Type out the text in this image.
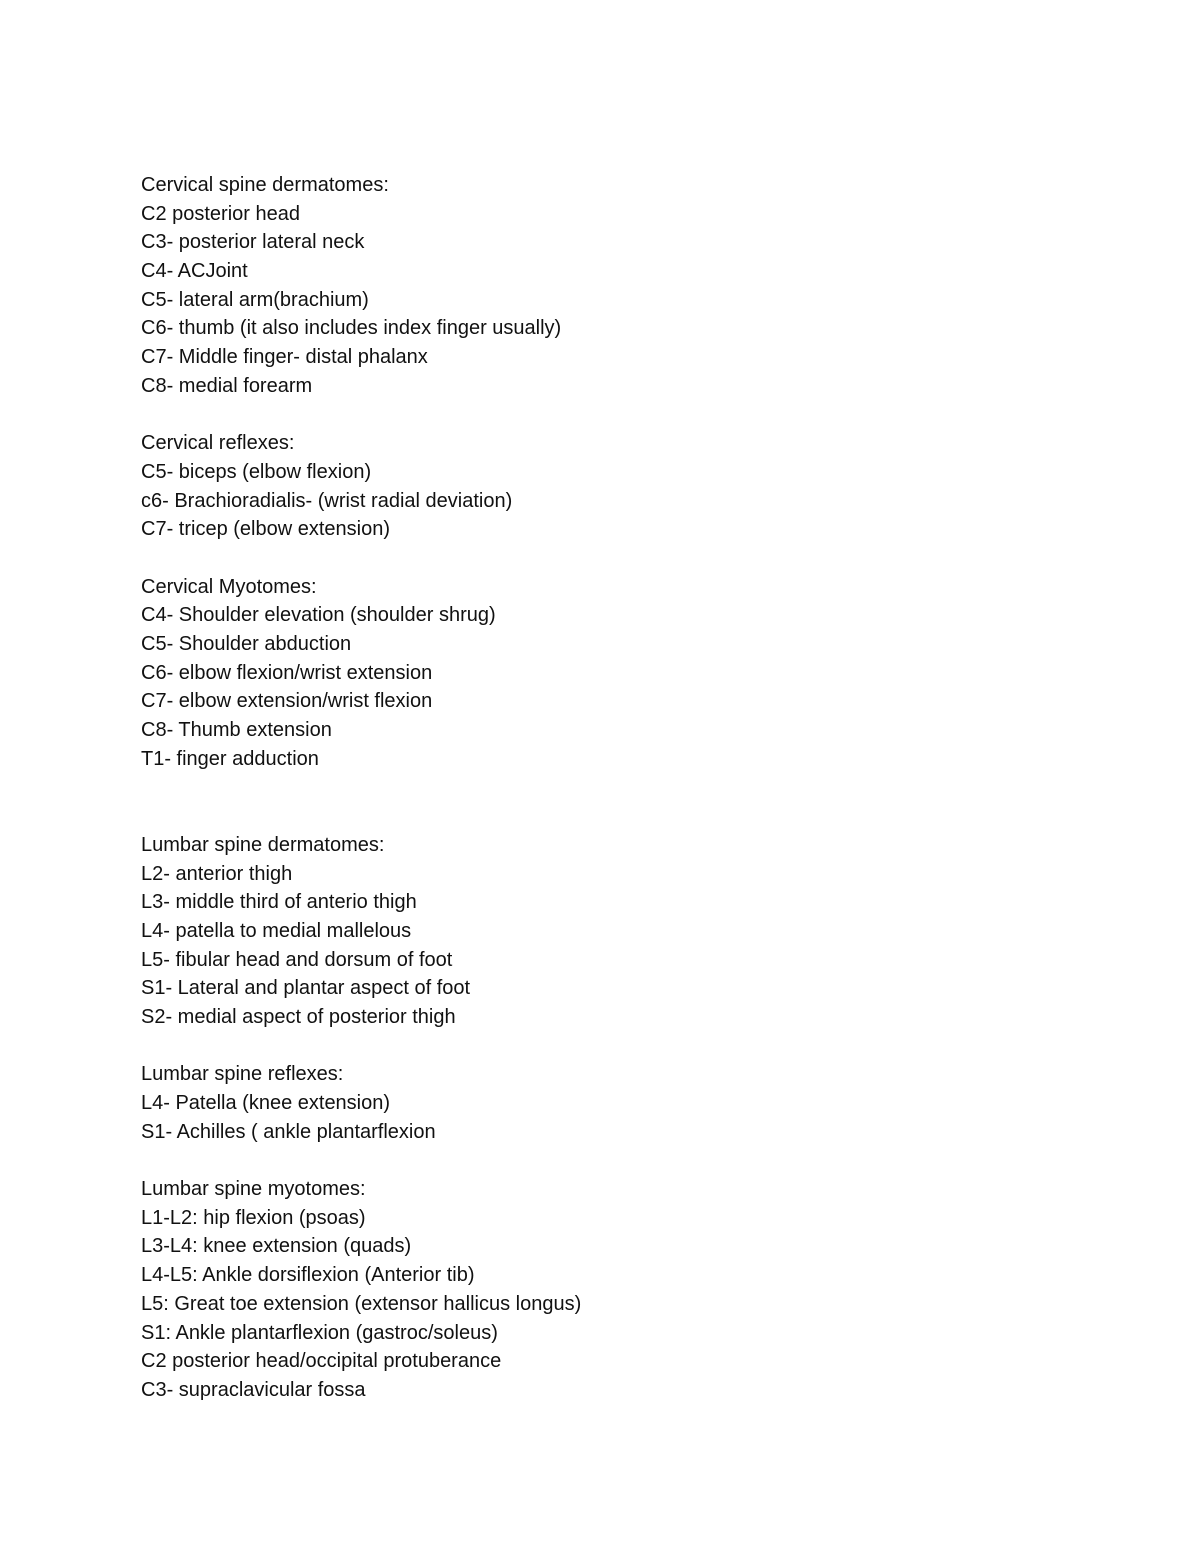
Cervical spine dermatomes:
C2 posterior head
C3- posterior lateral neck
C4- ACJoint
C5- lateral arm(brachium)
C6- thumb (it also includes index finger usually)
C7- Middle finger- distal phalanx
C8- medial forearm
Cervical reflexes:
C5- biceps (elbow flexion)
c6- Brachioradialis- (wrist radial deviation)
C7- tricep (elbow extension)
Cervical Myotomes:
C4- Shoulder elevation (shoulder shrug)
C5- Shoulder abduction
C6- elbow flexion/wrist extension
C7- elbow extension/wrist flexion
C8- Thumb extension
T1- finger adduction
Lumbar spine dermatomes:
L2- anterior thigh
L3- middle third of anterio thigh
L4- patella to medial mallelous
L5- fibular head and dorsum of foot
S1- Lateral and plantar aspect of foot
S2- medial aspect of posterior thigh
Lumbar spine reflexes:
L4- Patella (knee extension)
S1- Achilles ( ankle plantarflexion
Lumbar spine myotomes:
L1-L2: hip flexion (psoas)
L3-L4: knee extension (quads)
L4-L5: Ankle dorsiflexion (Anterior tib)
L5: Great toe extension (extensor hallicus longus)
S1: Ankle plantarflexion (gastroc/soleus)
C2 posterior head/occipital protuberance
C3- supraclavicular fossa
